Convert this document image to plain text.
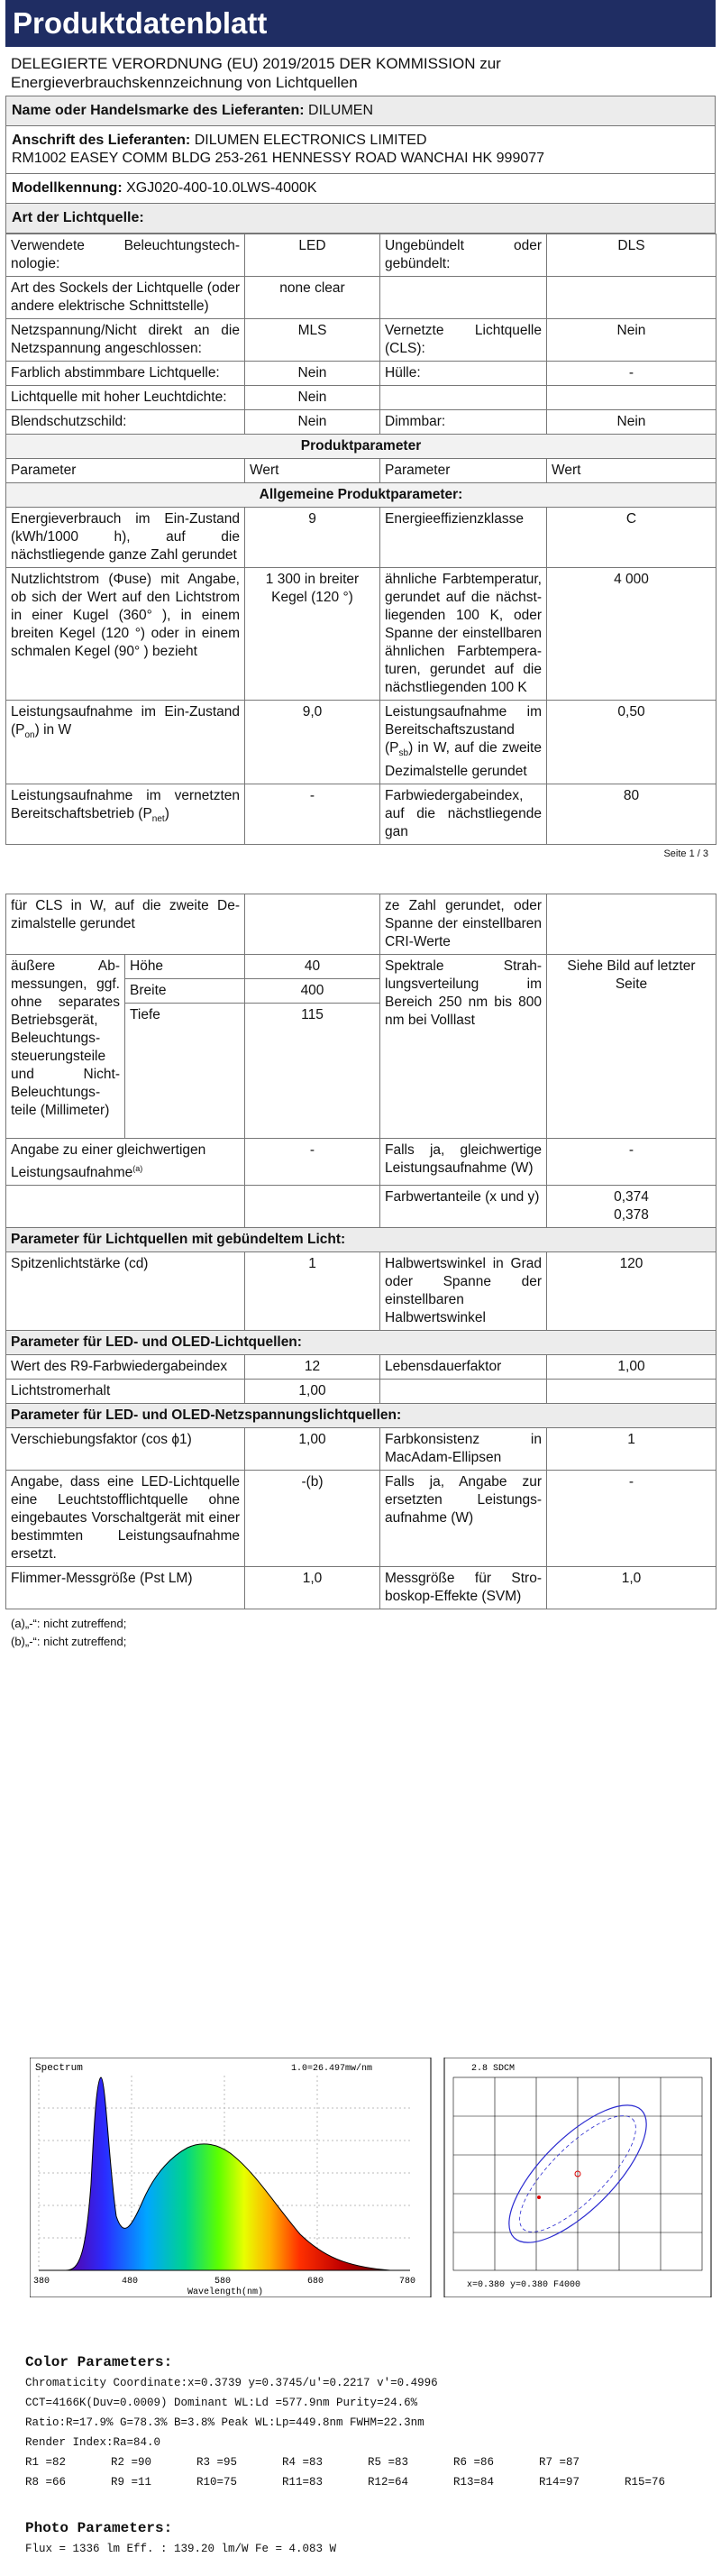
Produktdatenblatt
DELEGIERTE VERORDNUNG (EU) 2019/2015 DER KOMMISSION zur Energieverbrauchskennzeichnung von Lichtquellen
Name oder Handelsmarke des Lieferanten: DILUMEN
Anschrift des Lieferanten: DILUMEN ELECTRONICS LIMITED
RM1002 EASEY COMM BLDG 253-261 HENNESSY ROAD WANCHAI HK 999077
Modellkennung: XGJ020-400-10.0LWS-4000K
Art der Lichtquelle:
Verwendete Beleuchtungstechnologie:	LED	Ungebündelt oder gebündelt:	DLS
Art des Sockels der Lichtquelle (oder andere elektrische Schnittstelle)	none clear		
Netzspannung/Nicht direkt an die Netzspannung angeschlossen:	MLS	Vernetzte Lichtquelle (CLS):	Nein
Farblich abstimmbare Lichtquelle:	Nein	Hülle:	-
Lichtquelle mit hoher Leuchtdichte:	Nein		
Blendschutzschild:	Nein	Dimmbar:	Nein
Produktparameter			
Parameter	Wert	Parameter	Wert
Allgemeine Produktparameter:			
Energieverbrauch im Ein-Zustand (kWh/1000 h), auf die nächstliegende ganze Zahl gerundet	9	Energieeffizienzklasse	C
Nutzlichtstrom (Φuse) mit Angabe, ob sich der Wert auf den Lichtstrom in einer Kugel (360° ), in einem breiten Kegel (120 °) oder in einem schmalen Kegel (90° ) bezieht	1 300 in breiter Kegel (120 °)	ähnliche Farbtemperatur, gerundet auf die nächstliegenden 100 K, oder Spanne der einstellbaren ähnlichen Farbtemperaturen, gerundet auf die nächstliegenden 100 K	4 000
Leistungsaufnahme im Ein-Zustand $(P_{on})$ in W	9,0	Leistungsaufnahme im Bereitschaftszustand $(P_{sb})$ in W, auf die zweite Dezimalstelle gerundet	0,50
Leistungsaufnahme im vernetzten Bereitschaftsbetrieb $(P_{net})$	-	Farbwiedergabeindex, auf die nächstliegende gan	80
Seite 1 / 3
für CLS in W, auf die zweite Dezimalstelle gerundet			ze Zahl gerundet, oder Spanne der einstellbaren CRI-Werte	
äußere Abmessungen, ggf. ohne separates Betriebsgerät, Beleuchtungssteuerungsteile und Nicht-Beleuchtungsteile (Millimeter)	Höhe	40	Spektrale Strahlungsverteilung im Bereich 250 nm bis 800 nm bei Volllast	Siehe Bild auf letzter Seite
	Breite	400		
	Tiefe	115		
Angabe zu einer gleichwertigen Leistungsaufnahme$^{(a)}$		-	Falls ja, gleichwertige Leistungsaufnahme (W)	-
			Farbwertanteile (x und y)	0,374
0,378
Parameter für Lichtquellen mit gebündeltem Licht:				
Spitzenlichtstärke (cd)		1	Halbwertswinkel in Grad oder Spanne der einstellbaren Halbwertswinkel	120
Parameter für LED- und OLED-Lichtquellen:				
Wert des R9-Farbwiedergabeindex		12	Lebensdauerfaktor	1,00
Lichtstromerhalt		1,00		
Parameter für LED- und OLED-Netzspannungslichtquellen:				
Verschiebungsfaktor (cos ϕ1)		1,00	Farbkonsistenz in MacAdam-Ellipsen	1
Angabe, dass eine LED-Lichtquelle eine Leuchtstofflichtquelle ohne eingebautes Vorschaltgerät mit einer bestimmten Leistungsaufnahme ersetzt.		-(b)	Falls ja, Angabe zur ersetzten Leistungsaufnahme (W)	-
Flimmer-Messgröße (Pst LM)		1,0	Messgröße für Stroboskop-Effekte (SVM)	1,0
(a)„-“: nicht zutreffend;
(b)„-“: nicht zutreffend;
Spectrum	1.0=26.497mw/nm
380	480	580	680	780
Wavelength(nm)
2.8 SDCM
x=0.380 y=0.380 F4000
Color Parameters:
Chromaticity Coordinate:x=0.3739 y=0.3745/u'=0.2217 v'=0.4996
CCT=4166K(Duv=0.0009) Dominant WL:Ld =577.9nm Purity=24.6%
Ratio:R=17.9% G=78.3% B=3.8% Peak WL:Lp=449.8nm FWHM=22.3nm
Render Index:Ra=84.0
R1 =82	R2 =90	R3 =95	R4 =83	R5 =83	R6 =86	R7 =87
R8 =66	R9 =11	R10=75	R11=83	R12=64	R13=84	R14=97	R15=76
Photo Parameters:
Flux = 1336 lm Eff. : 139.20 lm/W Fe = 4.083 W
